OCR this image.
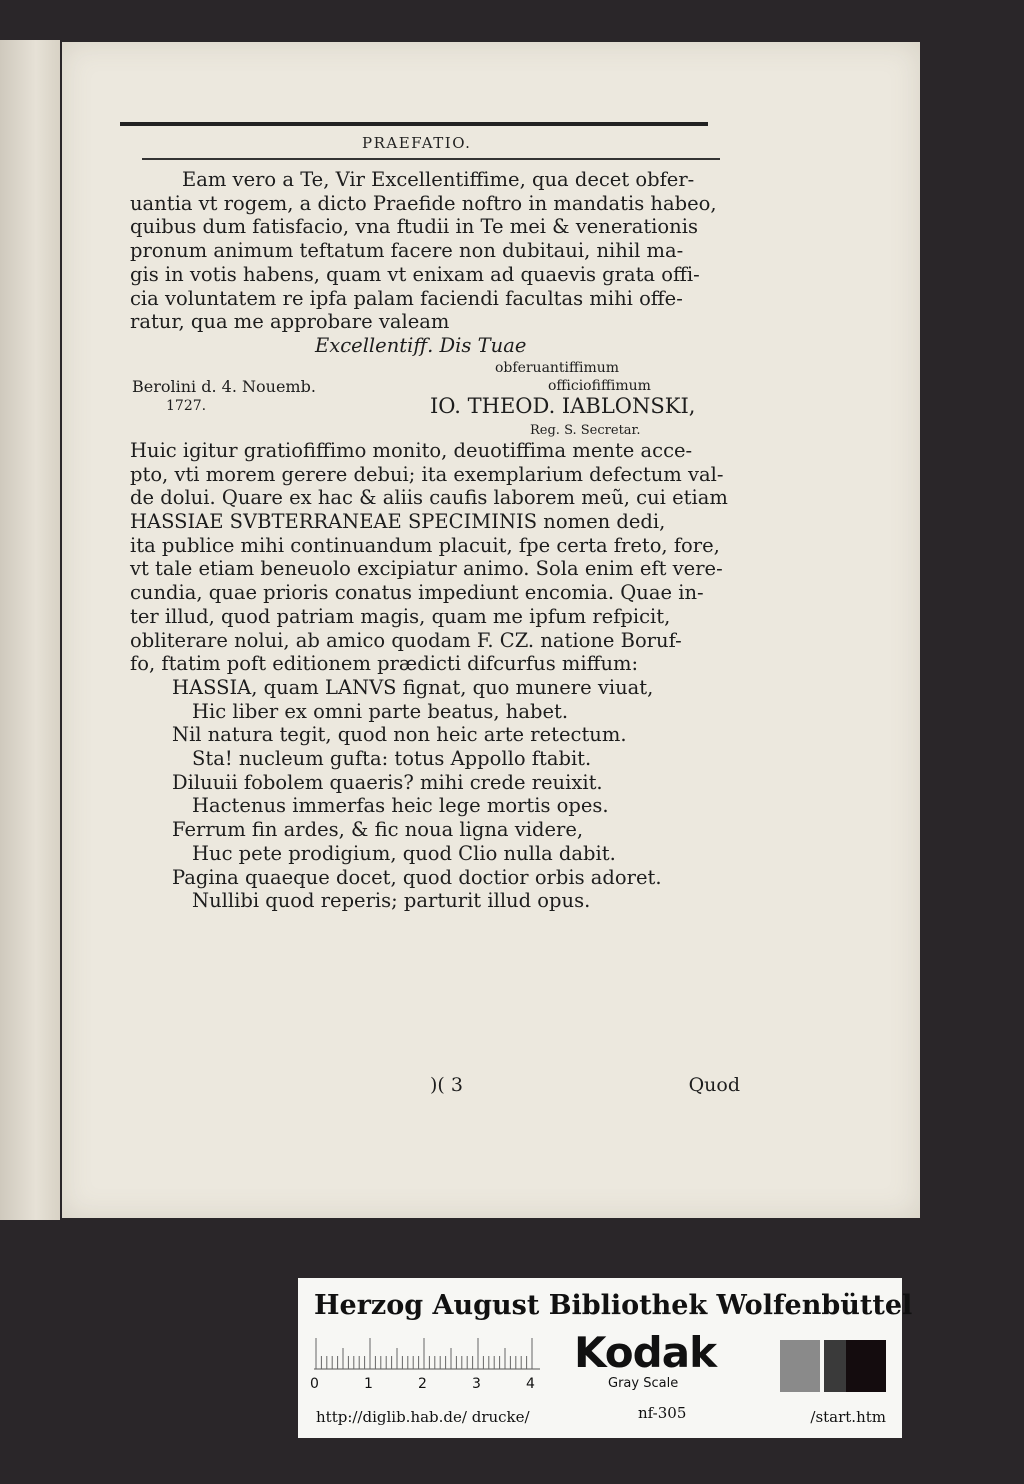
PRAEFATIO.
Eam vero a Te, Vir Excellentiffime, qua decet obfer-
uantia vt rogem, a dicto Praefide noftro in mandatis habeo,
quibus dum fatisfacio, vna ftudii in Te mei & venerationis
pronum animum teftatum facere non dubitaui, nihil ma-
gis in votis habens, quam vt enixam ad quaevis grata offi-
cia voluntatem re ipfa palam faciendi facultas mihi offe-
ratur, qua me approbare valeam
Excellentiff. Dis Tuae
obferuantiffimum
Berolini d. 4. Nouemb.	officiofiffimum
1727.	IO. THEOD. IABLONSKI,
Reg. S. Secretar.
Huic igitur gratiofiffimo monito, deuotiffima mente acce-
pto, vti morem gerere debui; ita exemplarium defectum val-
de dolui. Quare ex hac & aliis caufis laborem meũ, cui etiam
HASSIAE SVBTERRANEAE SPECIMINIS nomen dedi,
ita publice mihi continuandum placuit, fpe certa freto, fore,
vt tale etiam beneuolo excipiatur animo. Sola enim eft vere-
cundia, quae prioris conatus impediunt encomia. Quae in-
ter illud, quod patriam magis, quam me ipfum refpicit,
obliterare nolui, ab amico quodam F. CZ. natione Boruf-
fo, ftatim poft editionem prædicti difcurfus miffum:
HASSIA, quam LANVS fignat, quo munere viuat,
Hic liber ex omni parte beatus, habet.
Nil natura tegit, quod non heic arte retectum.
Sta! nucleum gufta: totus Appollo ftabit.
Diluuii fobolem quaeris? mihi crede reuixit.
Hactenus immerfas heic lege mortis opes.
Ferrum fin ardes, & fic noua ligna videre,
Huc pete prodigium, quod Clio nulla dabit.
Pagina quaeque docet, quod doctior orbis adoret.
Nullibi quod reperis; parturit illud opus.
)( 3	Quod
Herzog August Bibliothek Wolfenbüttel
0	1	2	3	4
Kodak
Gray Scale
http://diglib.hab.de/ drucke/	nf-305	/start.htm
